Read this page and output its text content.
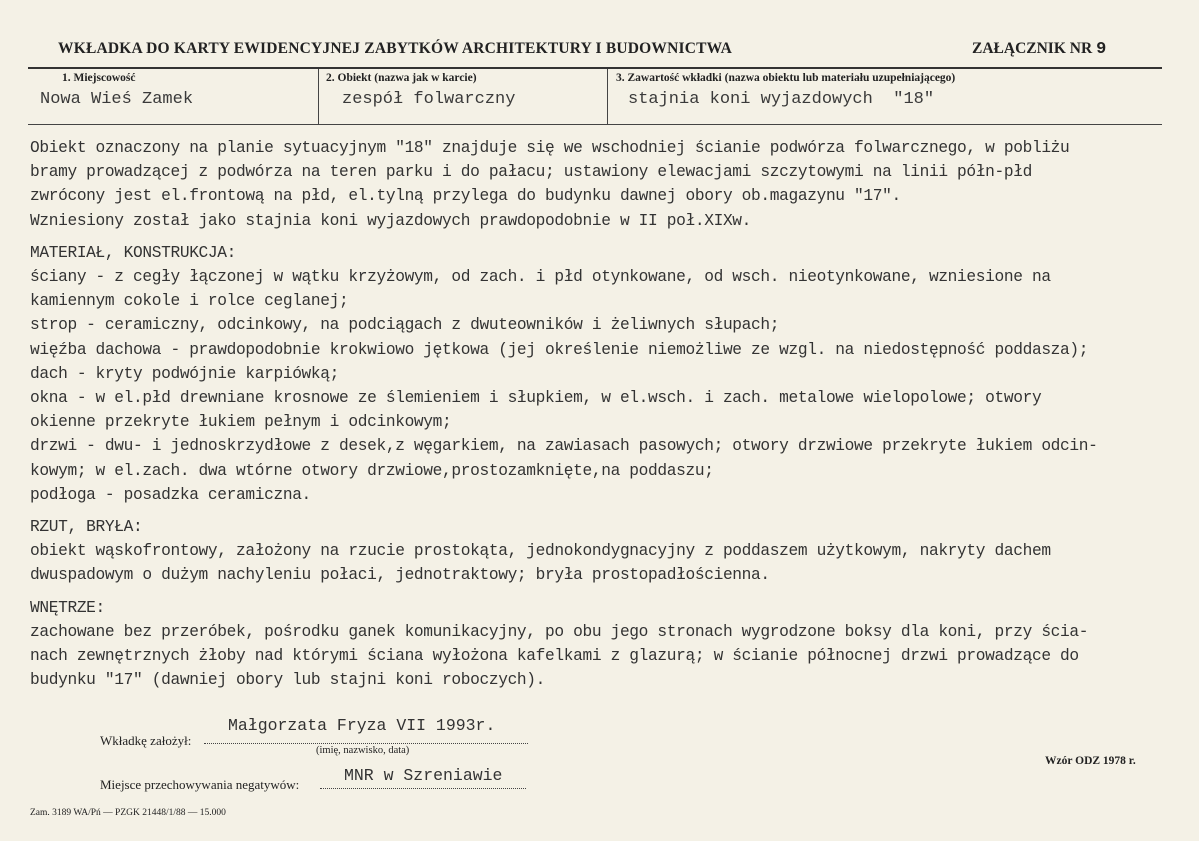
WKŁADKA DO KARTY EWIDENCYJNEJ ZABYTKÓW ARCHITEKTURY I BUDOWNICTWA	ZAŁĄCZNIK NR 9
1. Miejscowość
Nowa Wieś Zamek
2. Obiekt (nazwa jak w karcie)
zespół folwarczny
3. Zawartość wkładki (nazwa obiektu lub materiału uzupełniającego)
stajnia koni wyjazdowych  "18"
Obiekt oznaczony na planie sytuacyjnym "18" znajduje się we wschodniej ścianie podwórza folwarcznego, w pobliżu
bramy prowadzącej z podwórza na teren parku i do pałacu; ustawiony elewacjami szczytowymi na linii półn-płd
zwrócony jest el.frontową na płd, el.tylną przylega do budynku dawnej obory ob.magazynu "17".
Wzniesiony został jako stajnia koni wyjazdowych prawdopodobnie w II poł.XIXw.
MATERIAŁ, KONSTRUKCJA:
ściany - z cegły łączonej w wątku krzyżowym, od zach. i płd otynkowane, od wsch. nieotynkowane, wzniesione na
kamiennym cokole i rolce ceglanej;
strop - ceramiczny, odcinkowy, na podciągach z dwuteowników i żeliwnych słupach;
więźba dachowa - prawdopodobnie krokwiowo jętkowa (jej określenie niemożliwe ze wzgl. na niedostępność poddasza);
dach - kryty podwójnie karpiówką;
okna - w el.płd drewniane krosnowe ze ślemieniem i słupkiem, w el.wsch. i zach. metalowe wielopolowe; otwory
okienne przekryte łukiem pełnym i odcinkowym;
drzwi - dwu- i jednoskrzydłowe z desek,z węgarkiem, na zawiasach pasowych; otwory drzwiowe przekryte łukiem odcin-
kowym; w el.zach. dwa wtórne otwory drzwiowe,prostozamknięte,na poddaszu;
podłoga - posadzka ceramiczna.
RZUT, BRYŁA:
obiekt wąskofrontowy, założony na rzucie prostokąta, jednokondygnacyjny z poddaszem użytkowym, nakryty dachem
dwuspadowym o dużym nachyleniu połaci, jednotraktowy; bryła prostopadłościenna.
WNĘTRZE:
zachowane bez przeróbek, pośrodku ganek komunikacyjny, po obu jego stronach wygrodzone boksy dla koni, przy ścia-
nach zewnętrznych żłoby nad którymi ściana wyłożona kafelkami z glazurą; w ścianie północnej drzwi prowadzące do
budynku "17" (dawniej obory lub stajni koni roboczych).
Wkładkę założył:
Małgorzata Fryza VII 1993r.
(imię, nazwisko, data)
Miejsce przechowywania negatywów:	MNR w Szreniawie
Wzór ODZ 1978 r.
Zam. 3189 WA/Pń — PZGK 21448/1/88 — 15.000
